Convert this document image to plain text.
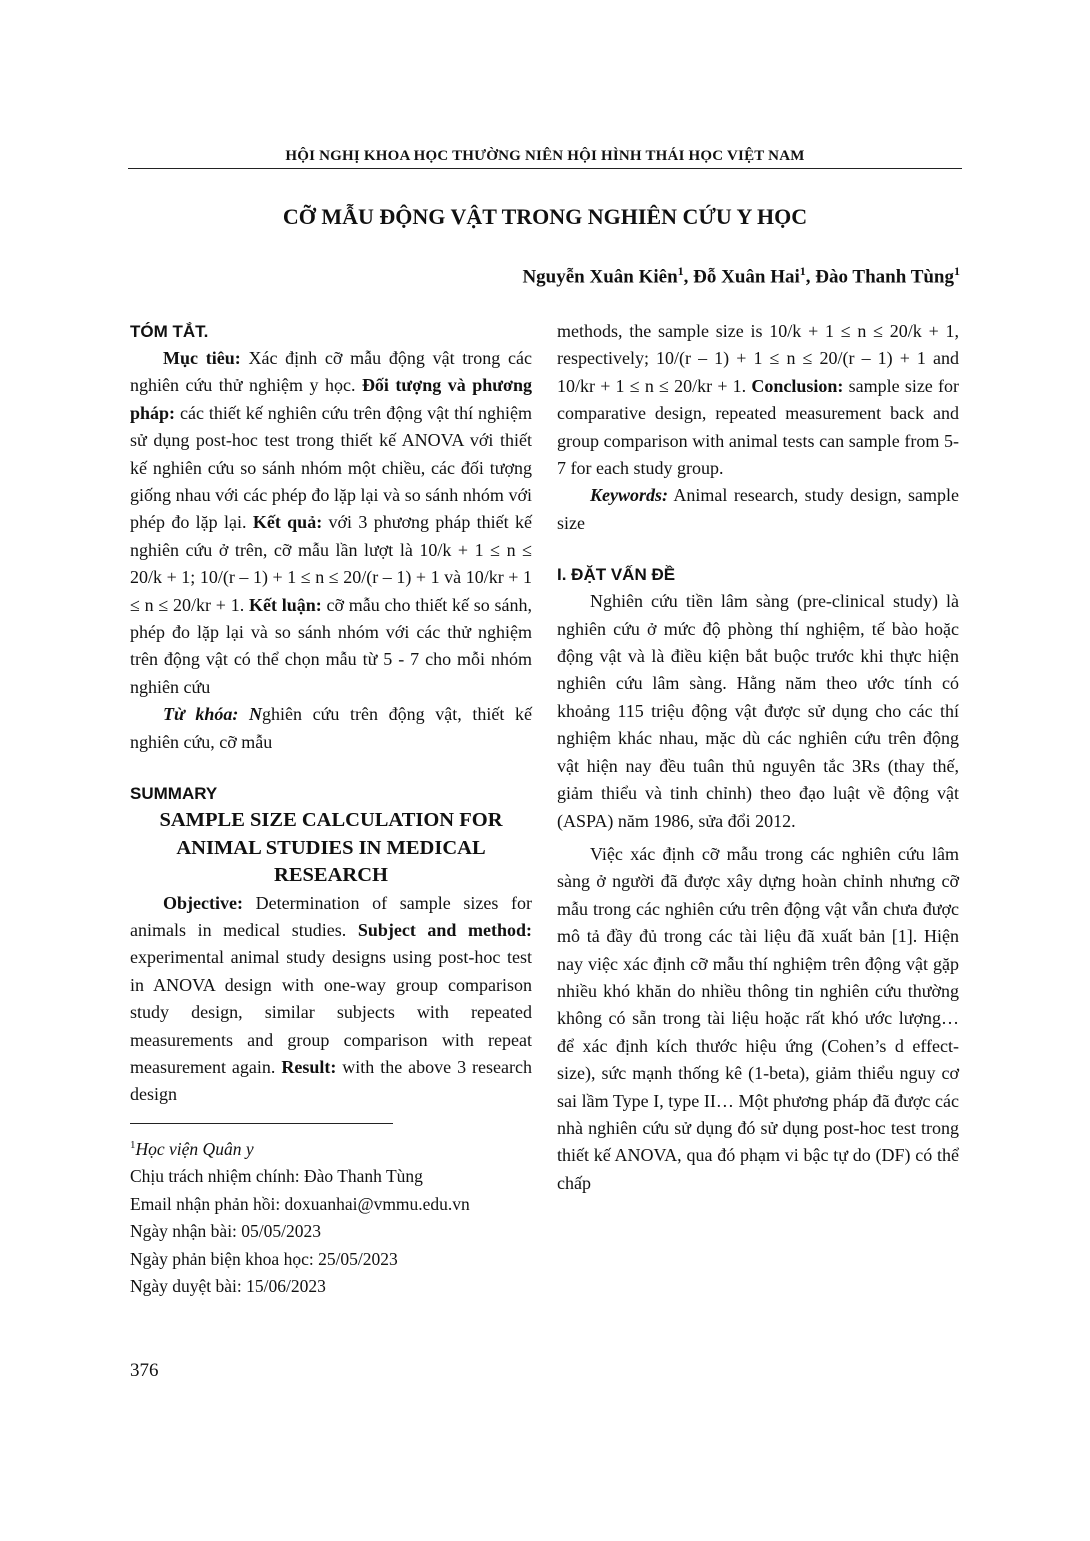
HỘI NGHỊ KHOA HỌC THƯỜNG NIÊN HỘI HÌNH THÁI HỌC VIỆT NAM
CỠ MẪU ĐỘNG VẬT TRONG NGHIÊN CỨU Y HỌC
Nguyễn Xuân Kiên$^1$, Đỗ Xuân Hai$^1$, Đào Thanh Tùng$^1$
TÓM TẮT.

Mục tiêu: Xác định cỡ mẫu động vật trong các nghiên cứu thử nghiệm y học. Đối tượng và phương pháp: các thiết kế nghiên cứu trên động vật thí nghiệm sử dụng post-hoc test trong thiết kế ANOVA với thiết kế nghiên cứu so sánh nhóm một chiều, các đối tượng giống nhau với các phép đo lặp lại và so sánh nhóm với phép đo lặp lại. Kết quả: với 3 phương pháp thiết kế nghiên cứu ở trên, cỡ mẫu lần lượt là 10/k + 1 ≤ n ≤ 20/k + 1; 10/(r – 1) + 1 ≤ n ≤ 20/(r – 1) + 1 và 10/kr + 1 ≤ n ≤ 20/kr + 1. Kết luận: cỡ mẫu cho thiết kế so sánh, phép đo lặp lại và so sánh nhóm với các thử nghiệm trên động vật có thể chọn mẫu từ 5 - 7 cho mỗi nhóm nghiên cứu

Từ khóa: Nghiên cứu trên động vật, thiết kế nghiên cứu, cỡ mẫu

SUMMARY
SAMPLE SIZE CALCULATION FOR ANIMAL STUDIES IN MEDICAL RESEARCH

Objective: Determination of sample sizes for animals in medical studies. Subject and method: experimental animal study designs using post-hoc test in ANOVA design with one-way group comparison study design, similar subjects with repeated measurements and group comparison with repeat measurement again. Result: with the above 3 research design

$^1$Học viện Quân y
Chịu trách nhiệm chính: Đào Thanh Tùng
Email nhận phản hồi: doxuanhai@vmmu.edu.vn
Ngày nhận bài: 05/05/2023
Ngày phản biện khoa học: 25/05/2023
Ngày duyệt bài: 15/06/2023

methods, the sample size is 10/k + 1 ≤ n ≤ 20/k + 1, respectively; 10/(r – 1) + 1 ≤ n ≤ 20/(r – 1) + 1 and 10/kr + 1 ≤ n ≤ 20/kr + 1. Conclusion: sample size for comparative design, repeated measurement back and group comparison with animal tests can sample from 5-7 for each study group.

Keywords: Animal research, study design, sample size

I. ĐẶT VẤN ĐỀ

Nghiên cứu tiền lâm sàng (pre-clinical study) là nghiên cứu ở mức độ phòng thí nghiệm, tế bào hoặc động vật và là điều kiện bắt buộc trước khi thực hiện nghiên cứu lâm sàng. Hằng năm theo ước tính có khoảng 115 triệu động vật được sử dụng cho các thí nghiệm khác nhau, mặc dù các nghiên cứu trên động vật hiện nay đều tuân thủ nguyên tắc 3Rs (thay thế, giảm thiểu và tinh chỉnh) theo đạo luật về động vật (ASPA) năm 1986, sửa đổi 2012.

Việc xác định cỡ mẫu trong các nghiên cứu lâm sàng ở người đã được xây dựng hoàn chỉnh nhưng cỡ mẫu trong các nghiên cứu trên động vật vẫn chưa được mô tả đầy đủ trong các tài liệu đã xuất bản [1]. Hiện nay việc xác định cỡ mẫu thí nghiệm trên động vật gặp nhiều khó khăn do nhiều thông tin nghiên cứu thường không có sẵn trong tài liệu hoặc rất khó ước lượng… để xác định kích thước hiệu ứng (Cohen’s d effect-size), sức mạnh thống kê (1-beta), giảm thiểu nguy cơ sai lầm Type I, type II… Một phương pháp đã được các nhà nghiên cứu sử dụng đó sử dụng post-hoc test trong thiết kế ANOVA, qua đó phạm vi bậc tự do (DF) có thể chấp

376
